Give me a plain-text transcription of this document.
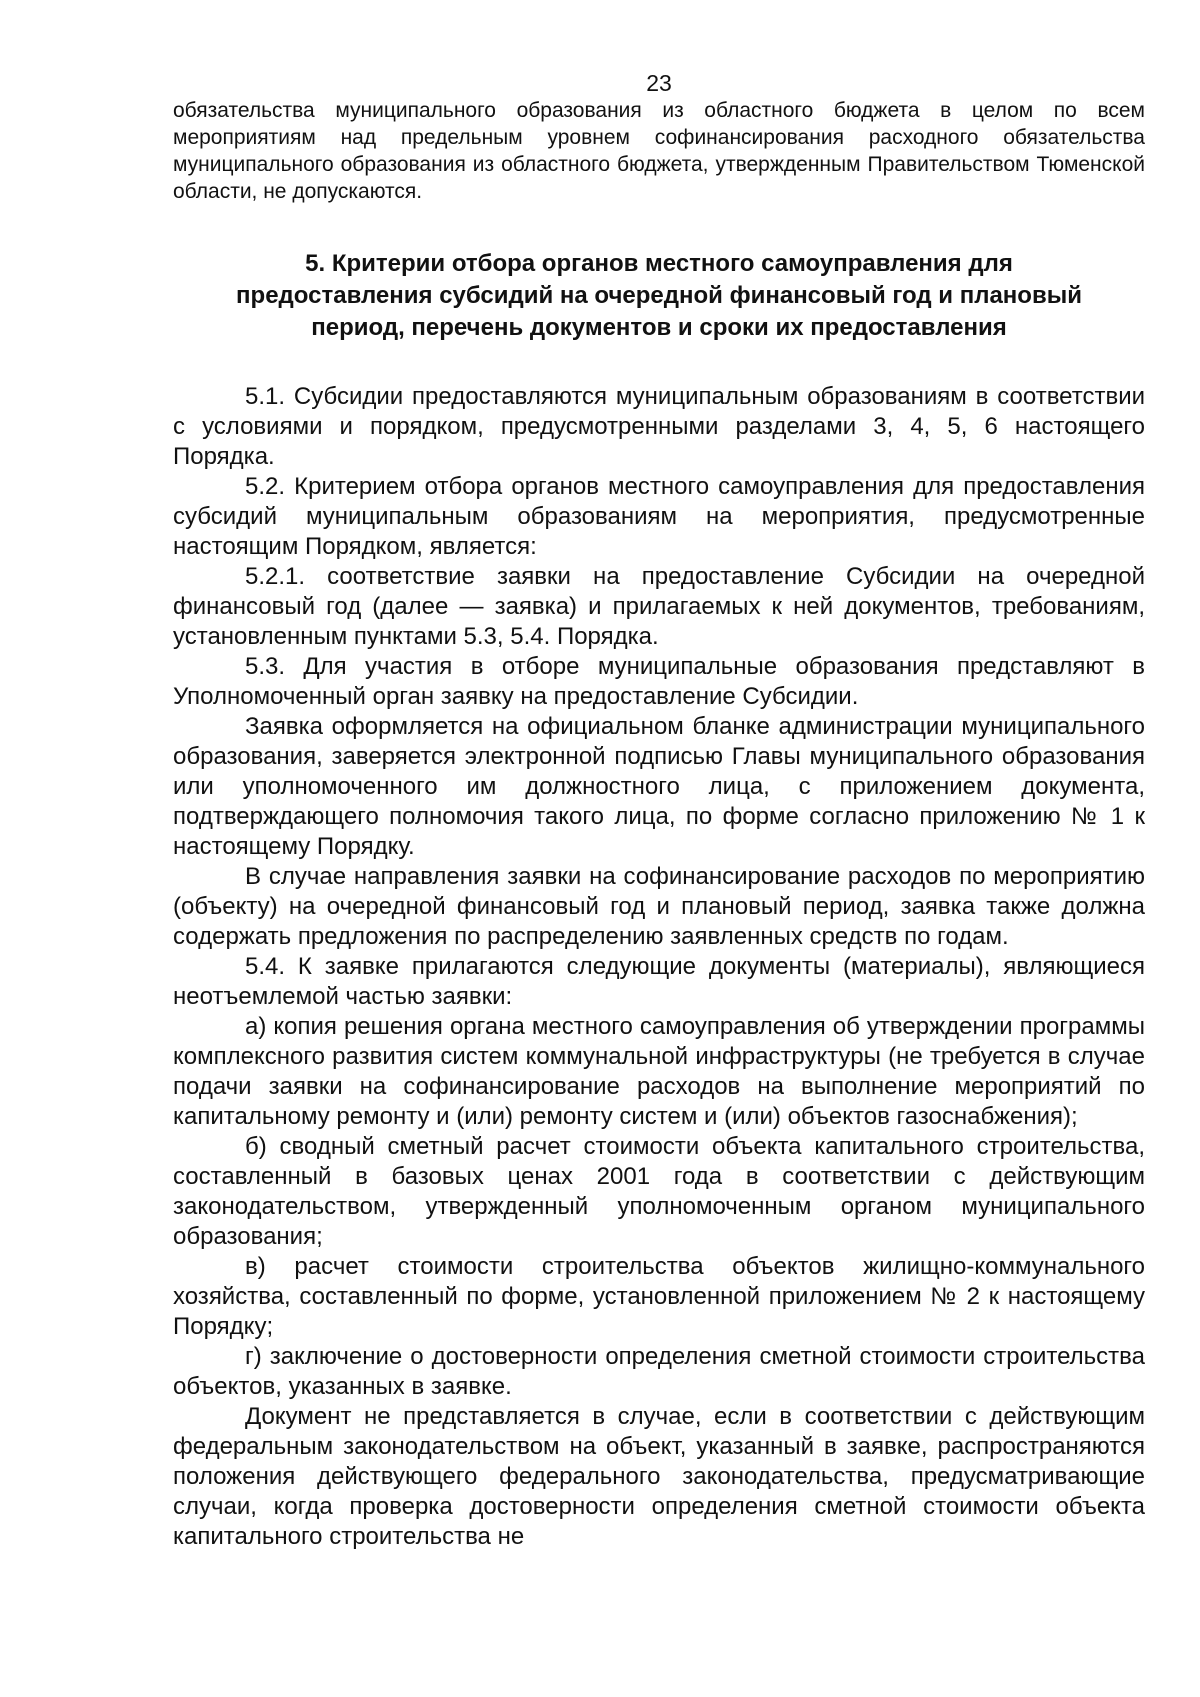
23

обязательства муниципального образования из областного бюджета в целом по всем мероприятиям над предельным уровнем софинансирования расходного обязательства муниципального образования из областного бюджета, утвержденным Правительством Тюменской области, не допускаются.

5. Критерии отбора органов местного самоуправления для
предоставления субсидий на очередной финансовый год и плановый
период, перечень документов и сроки их предоставления

5.1. Субсидии предоставляются муниципальным образованиям в соответствии с условиями и порядком, предусмотренными разделами 3, 4, 5, 6 настоящего Порядка.

5.2. Критерием отбора органов местного самоуправления для предоставления субсидий муниципальным образованиям на мероприятия, предусмотренные настоящим Порядком, является:

5.2.1. соответствие заявки на предоставление Субсидии на очередной финансовый год (далее — заявка) и прилагаемых к ней документов, требованиям, установленным пунктами 5.3, 5.4. Порядка.

5.3. Для участия в отборе муниципальные образования представляют в Уполномоченный орган заявку на предоставление Субсидии.

Заявка оформляется на официальном бланке администрации муниципального образования, заверяется электронной подписью Главы муниципального образования или уполномоченного им должностного лица, с приложением документа, подтверждающего полномочия такого лица, по форме согласно приложению № 1 к настоящему Порядку.

В случае направления заявки на софинансирование расходов по мероприятию (объекту) на очередной финансовый год и плановый период, заявка также должна содержать предложения по распределению заявленных средств по годам.

5.4. К заявке прилагаются следующие документы (материалы), являющиеся неотъемлемой частью заявки:

а) копия решения органа местного самоуправления об утверждении программы комплексного развития систем коммунальной инфраструктуры (не требуется в случае подачи заявки на софинансирование расходов на выполнение мероприятий по капитальному ремонту и (или) ремонту систем и (или) объектов газоснабжения);

б) сводный сметный расчет стоимости объекта капитального строительства, составленный в базовых ценах 2001 года в соответствии с действующим законодательством, утвержденный уполномоченным органом муниципального образования;

в) расчет стоимости строительства объектов жилищно-коммунального хозяйства, составленный по форме, установленной приложением № 2 к настоящему Порядку;

г) заключение о достоверности определения сметной стоимости строительства объектов, указанных в заявке.

Документ не представляется в случае, если в соответствии с действующим федеральным законодательством на объект, указанный в заявке, распространяются положения действующего федерального законодательства, предусматривающие случаи, когда проверка достоверности определения сметной стоимости объекта капитального строительства не
